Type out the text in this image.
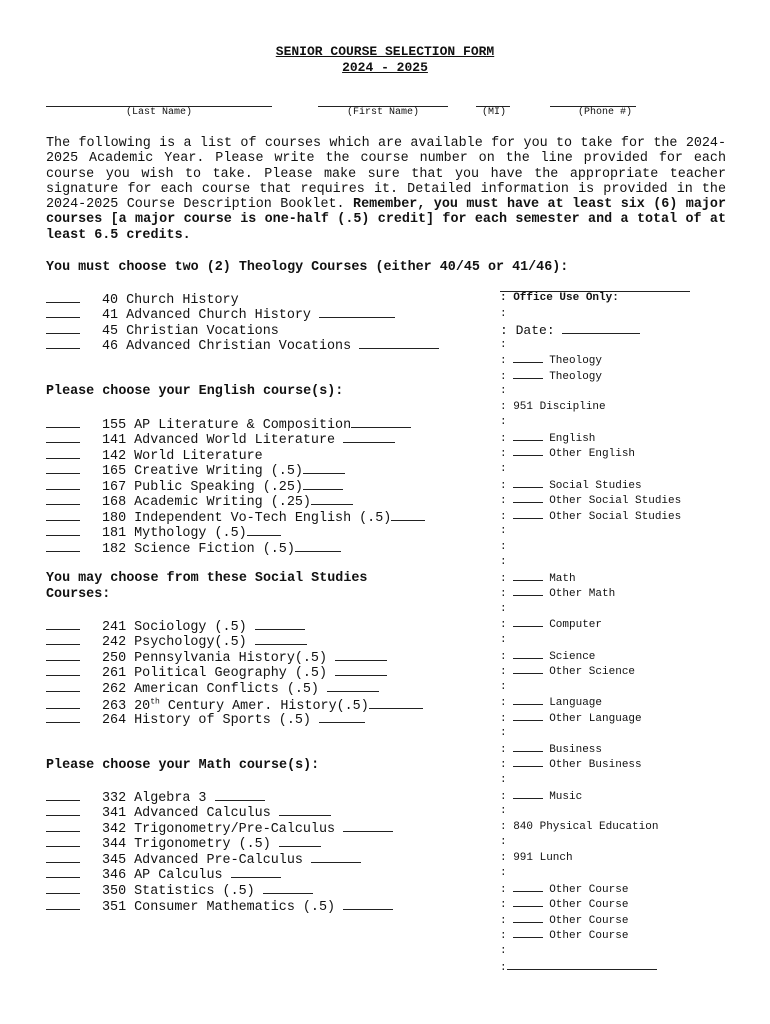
SENIOR COURSE SELECTION FORM
2024 - 2025
(Last Name)	(First Name)	(MI)	(Phone #)
The following is a list of courses which are available for you to take for the 2024-2025 Academic Year. Please write the course number on the line provided for each course you wish to take. Please make sure that you have the appropriate teacher signature for each course that requires it. Detailed information is provided in the 2024-2025 Course Description Booklet. Remember, you must have at least six (6) major courses [a major course is one-half (.5) credit] for each semester and a total of at least 6.5 credits.
You must choose two (2) Theology Courses (either 40/45 or 41/46):
40 Church History
41 Advanced Church History
45 Christian Vocations
46 Advanced Christian Vocations
Please choose your English course(s):
155 AP Literature & Composition
141 Advanced World Literature
142 World Literature
165 Creative Writing (.5)
167 Public Speaking (.25)
168 Academic Writing (.25)
180 Independent Vo-Tech English (.5)
181 Mythology (.5)
182 Science Fiction (.5)
You may choose from these Social Studies
Courses:
241 Sociology (.5)
242 Psychology(.5)
250 Pennsylvania History(.5)
261 Political Geography (.5)
262 American Conflicts (.5)
263 20th Century Amer. History(.5)
264 History of Sports (.5)
Please choose your Math course(s):
332 Algebra 3
341 Advanced Calculus
342 Trigonometry/Pre-Calculus
344 Trigonometry (.5)
345 Advanced Pre-Calculus
346 AP Calculus
350 Statistics (.5)
351 Consumer Mathematics (.5)
: Office Use Only:
:
: Date:
:
:	Theology
:	Theology
:
: 951 Discipline
:
:	English
:	Other English
:
:	Social Studies
:	Other Social Studies
:	Other Social Studies
:
:
:
:	Math
:	Other Math
:
:	Computer
:
:	Science
:	Other Science
:
:	Language
:	Other Language
:
:	Business
:	Other Business
:
:	Music
:
: 840 Physical Education
:
: 991 Lunch
:
:	Other Course
:	Other Course
:	Other Course
:	Other Course
:
:
